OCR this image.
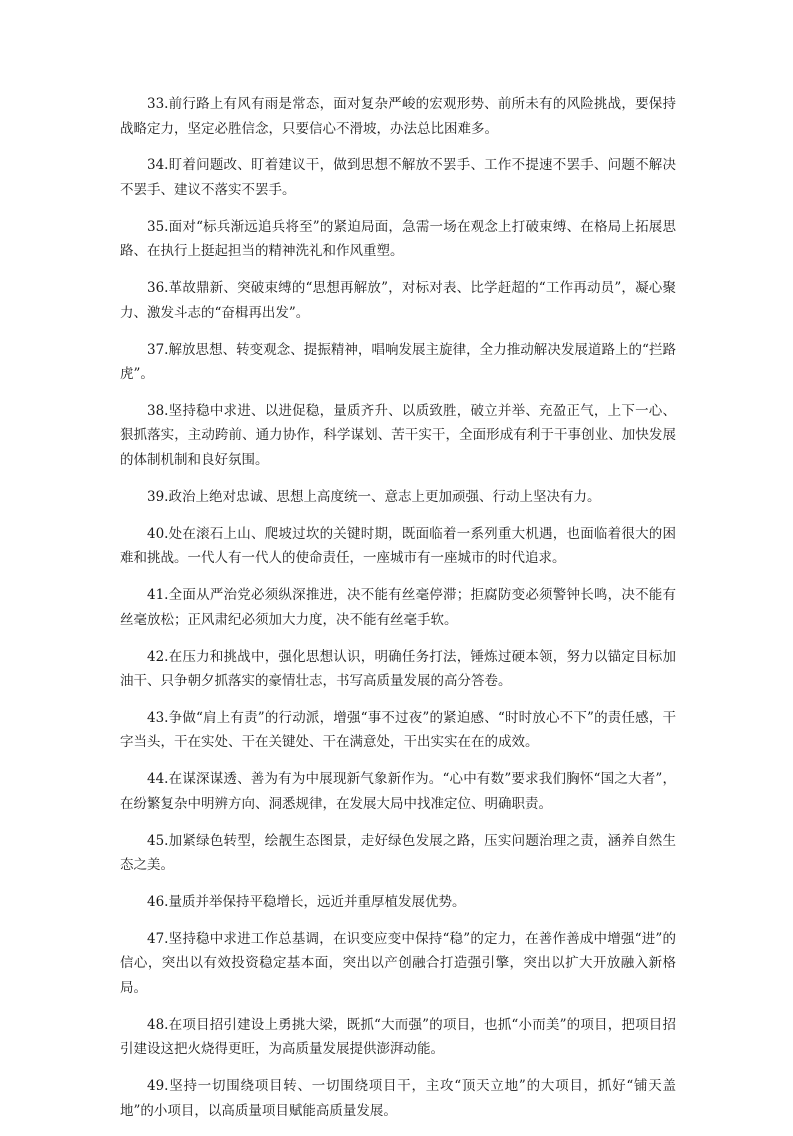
33.前行路上有风有雨是常态，面对复杂严峻的宏观形势、前所未有的风险挑战，要保持战略定力，坚定必胜信念，只要信心不滑坡，办法总比困难多。

34.盯着问题改、盯着建议干，做到思想不解放不罢手、工作不提速不罢手、问题不解决不罢手、建议不落实不罢手。

35.面对“标兵渐远追兵将至”的紧迫局面，急需一场在观念上打破束缚、在格局上拓展思路、在执行上挺起担当的精神洗礼和作风重塑。

36.革故鼎新、突破束缚的“思想再解放”，对标对表、比学赶超的“工作再动员”，凝心聚力、激发斗志的“奋楫再出发”。

37.解放思想、转变观念、提振精神，唱响发展主旋律，全力推动解决发展道路上的“拦路虎”。

38.坚持稳中求进、以进促稳，量质齐升、以质致胜，破立并举、充盈正气，上下一心、狠抓落实，主动跨前、通力协作，科学谋划、苦干实干，全面形成有利于干事创业、加快发展的体制机制和良好氛围。

39.政治上绝对忠诚、思想上高度统一、意志上更加顽强、行动上坚决有力。

40.处在滚石上山、爬坡过坎的关键时期，既面临着一系列重大机遇，也面临着很大的困难和挑战。一代人有一代人的使命责任，一座城市有一座城市的时代追求。

41.全面从严治党必须纵深推进，决不能有丝毫停滞；拒腐防变必须警钟长鸣，决不能有丝毫放松；正风肃纪必须加大力度，决不能有丝毫手软。

42.在压力和挑战中，强化思想认识，明确任务打法，锤炼过硬本领，努力以锚定目标加油干、只争朝夕抓落实的豪情壮志，书写高质量发展的高分答卷。

43.争做“肩上有责”的行动派，增强“事不过夜”的紧迫感、“时时放心不下”的责任感，干字当头，干在实处、干在关键处、干在满意处，干出实实在在的成效。

44.在谋深谋透、善为有为中展现新气象新作为。“心中有数”要求我们胸怀“国之大者”，在纷繁复杂中明辨方向、洞悉规律，在发展大局中找准定位、明确职责。

45.加紧绿色转型，绘靓生态图景，走好绿色发展之路，压实问题治理之责，涵养自然生态之美。

46.量质并举保持平稳增长，远近并重厚植发展优势。

47.坚持稳中求进工作总基调，在识变应变中保持“稳”的定力，在善作善成中增强“进”的信心，突出以有效投资稳定基本面，突出以产创融合打造强引擎，突出以扩大开放融入新格局。

48.在项目招引建设上勇挑大梁，既抓“大而强”的项目，也抓“小而美”的项目，把项目招引建设这把火烧得更旺，为高质量发展提供澎湃动能。

49.坚持一切围绕项目转、一切围绕项目干，主攻“顶天立地”的大项目，抓好“铺天盖地”的小项目，以高质量项目赋能高质量发展。
